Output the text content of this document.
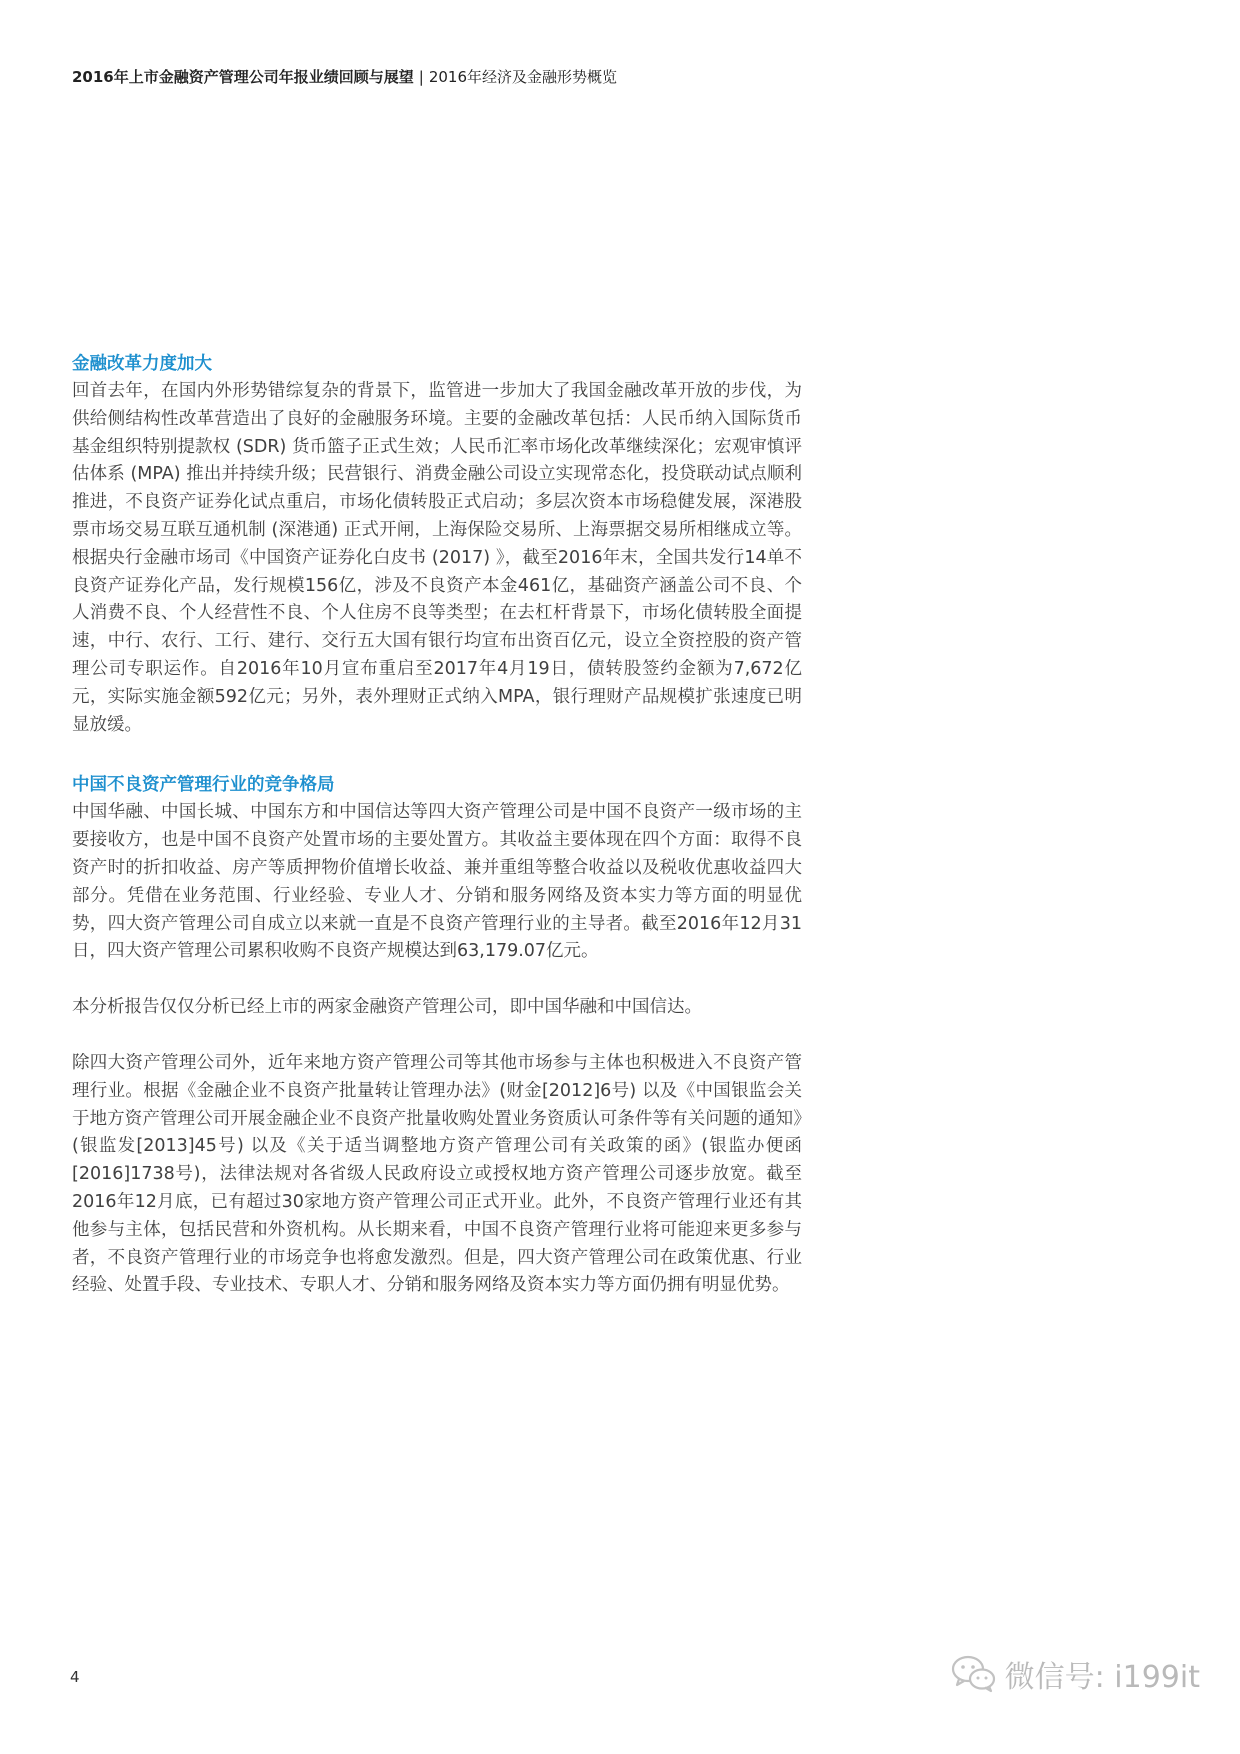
2016年上市金融资产管理公司年报业绩回顾与展望 | 2016年经济及金融形势概览
金融改革力度加大

回首去年，在国内外形势错综复杂的背景下，监管进一步加大了我国金融改革开放的步伐，为供给侧结构性改革营造出了良好的金融服务环境。主要的金融改革包括：人民币纳入国际货币基金组织特别提款权 (SDR) 货币篮子正式生效；人民币汇率市场化改革继续深化；宏观审慎评估体系 (MPA) 推出并持续升级；民营银行、消费金融公司设立实现常态化，投贷联动试点顺利推进，不良资产证券化试点重启，市场化债转股正式启动；多层次资本市场稳健发展，深港股票市场交易互联互通机制 (深港通) 正式开闸，上海保险交易所、上海票据交易所相继成立等。根据央行金融市场司《中国资产证券化白皮书 (2017) 》，截至2016年末，全国共发行14单不良资产证券化产品，发行规模156亿，涉及不良资产本金461亿，基础资产涵盖公司不良、个人消费不良、个人经营性不良、个人住房不良等类型；在去杠杆背景下，市场化债转股全面提速，中行、农行、工行、建行、交行五大国有银行均宣布出资百亿元，设立全资控股的资产管理公司专职运作。自2016年10月宣布重启至2017年4月19日，债转股签约金额为7,672亿元，实际实施金额592亿元；另外，表外理财正式纳入MPA，银行理财产品规模扩张速度已明显放缓。

中国不良资产管理行业的竞争格局

中国华融、中国长城、中国东方和中国信达等四大资产管理公司是中国不良资产一级市场的主要接收方，也是中国不良资产处置市场的主要处置方。其收益主要体现在四个方面：取得不良资产时的折扣收益、房产等质押物价值增长收益、兼并重组等整合收益以及税收优惠收益四大部分。凭借在业务范围、行业经验、专业人才、分销和服务网络及资本实力等方面的明显优势，四大资产管理公司自成立以来就一直是不良资产管理行业的主导者。截至2016年12月31日，四大资产管理公司累积收购不良资产规模达到63,179.07亿元。

本分析报告仅仅分析已经上市的两家金融资产管理公司，即中国华融和中国信达。

除四大资产管理公司外，近年来地方资产管理公司等其他市场参与主体也积极进入不良资产管理行业。根据《金融企业不良资产批量转让管理办法》(财金[2012]6号) 以及《中国银监会关于地方资产管理公司开展金融企业不良资产批量收购处置业务资质认可条件等有关问题的通知》(银监发[2013]45号) 以及《关于适当调整地方资产管理公司有关政策的函》(银监办便函[2016]1738号)，法律法规对各省级人民政府设立或授权地方资产管理公司逐步放宽。截至2016年12月底，已有超过30家地方资产管理公司正式开业。此外，不良资产管理行业还有其他参与主体，包括民营和外资机构。从长期来看，中国不良资产管理行业将可能迎来更多参与者，不良资产管理行业的市场竞争也将愈发激烈。但是，四大资产管理公司在政策优惠、行业经验、处置手段、专业技术、专职人才、分销和服务网络及资本实力等方面仍拥有明显优势。

4	微信号: i199it
